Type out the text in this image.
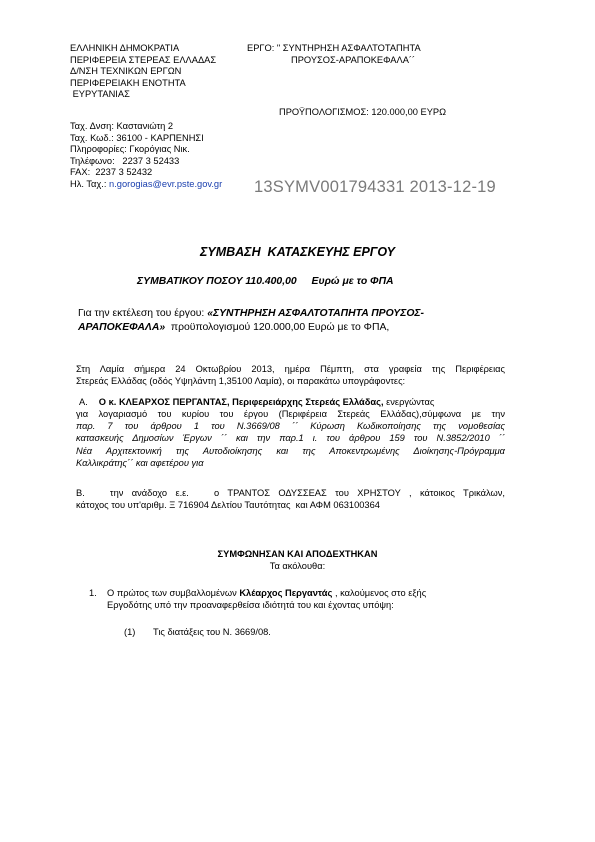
ΕΛΛΗΝΙΚΗ ΔΗΜΟΚΡΑΤΙΑ
ΠΕΡΙΦΕΡΕΙΑ ΣΤΕΡΕΑΣ ΕΛΛΑΔΑΣ
Δ/ΝΣΗ ΤΕΧΝΙΚΩΝ ΕΡΓΩΝ
ΠΕΡΙΦΕΡΕΙΑΚΗ ΕΝΟΤΗΤΑ
ΕΥΡΥΤΑΝΙΑΣ
ΕΡΓΟ: " ΣΥΝΤΗΡΗΣΗ ΑΣΦΑΛΤΟΤΑΠΗΤΑ
ΠΡΟΥΣΟΣ-ΑΡΑΠΟΚΕΦΑΛΑ´´
ΠΡΟΫΠΟΛΟΓΙΣΜΟΣ: 120.000,00 ΕΥΡΩ
Ταχ. Δνση: Καστανιώτη 2
Ταχ. Κωδ.: 36100 - ΚΑΡΠΕΝΗΣΙ
Πληροφορίες: Γκορόγιας Νικ.
Τηλέφωνο:   2237 3 52433
FAX:  2237 3 52432
Ηλ. Ταχ.: n.gorogias@evr.pste.gov.gr 13SYMV001794331 2013-12-19
ΣΥΜΒΑΣΗ  ΚΑΤΑΣΚΕΥΗΣ ΕΡΓΟΥ
ΣΥΜΒΑΤΙΚΟΥ ΠΟΣΟΥ 110.400,00 Ευρώ με το ΦΠΑ
Για την εκτέλεση του έργου: «ΣΥΝΤΗΡΗΣΗ ΑΣΦΑΛΤΟΤΑΠΗΤΑ ΠΡΟΥΣΟΣ-
ΑΡΑΠΟΚΕΦΑΛΑ»  προϋπολογισμού 120.000,00 Ευρώ με το ΦΠΑ,
Στη Λαμία σήμερα 24 Οκτωβρίου 2013, ημέρα Πέμπτη, στα γραφεία της Περιφέρειας
Στερεάς Ελλάδας (οδός Υψηλάντη 1,35100 Λαμία), οι παρακάτω υπογράφοντες:
Α. Ο κ. ΚΛΕΑΡΧΟΣ ΠΕΡΓΑΝΤΑΣ, Περιφερειάρχης Στερεάς Ελλάδας, ενεργώντας
για λογαριασμό του κυρίου του έργου (Περιφέρεια Στερεάς Ελλάδας),σύμφωνα με την
παρ. 7 του άρθρου 1 του Ν.3669/08 ´´ Κύρωση Κωδικοποίησης της νομοθεσίας
κατασκευής Δημοσίων Έργων ´´ και την παρ.1 ι. του άρθρου 159 του Ν.3852/2010 ´´
Νέα Αρχιτεκτονική της Αυτοδιοίκησης και της Αποκεντρωμένης Διοίκησης-Πρόγραμμα
Καλλικράτης´´ και αφετέρου για
Β.   την ανάδοχο ε.ε.   ο ΤΡΑΝΤΟΣ ΟΔΥΣΣΕΑΣ του ΧΡΗΣΤΟΥ , κάτοικος Τρικάλων,
κάτοχος του υπ'αριθμ. Ξ 716904 Δελτίου Ταυτότητας  και ΑΦΜ 063100364
ΣΥΜΦΩΝΗΣΑΝ ΚΑΙ ΑΠΟΔΕΧΤΗΚΑΝ
Τα ακόλουθα:
1. Ο πρώτος των συμβαλλομένων Κλέαρχος Περγαντάς , καλούμενος στο εξής
Εργοδότης υπό την προαναφερθείσα ιδιότητά του και έχοντας υπόψη:
(1) Τις διατάξεις του Ν. 3669/08.
